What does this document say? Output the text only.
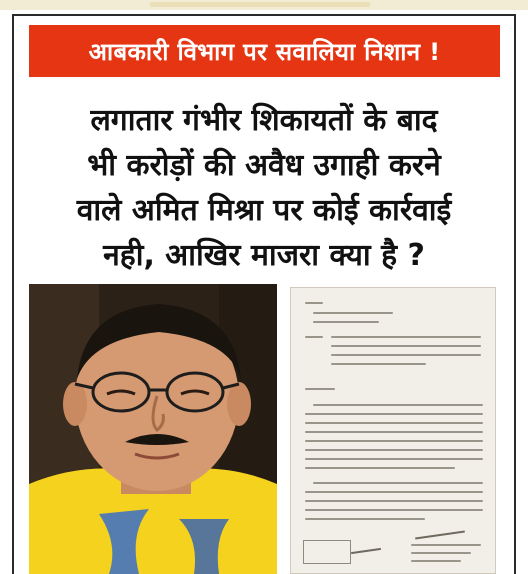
आबकारी विभाग पर सवालिया निशान !
लगातार गंभीर शिकायतों के बाद
भी करोड़ों की अवैध उगाही करने
वाले अमित मिश्रा पर कोई कार्रवाई
नही, आखिर माजरा क्या है ?
